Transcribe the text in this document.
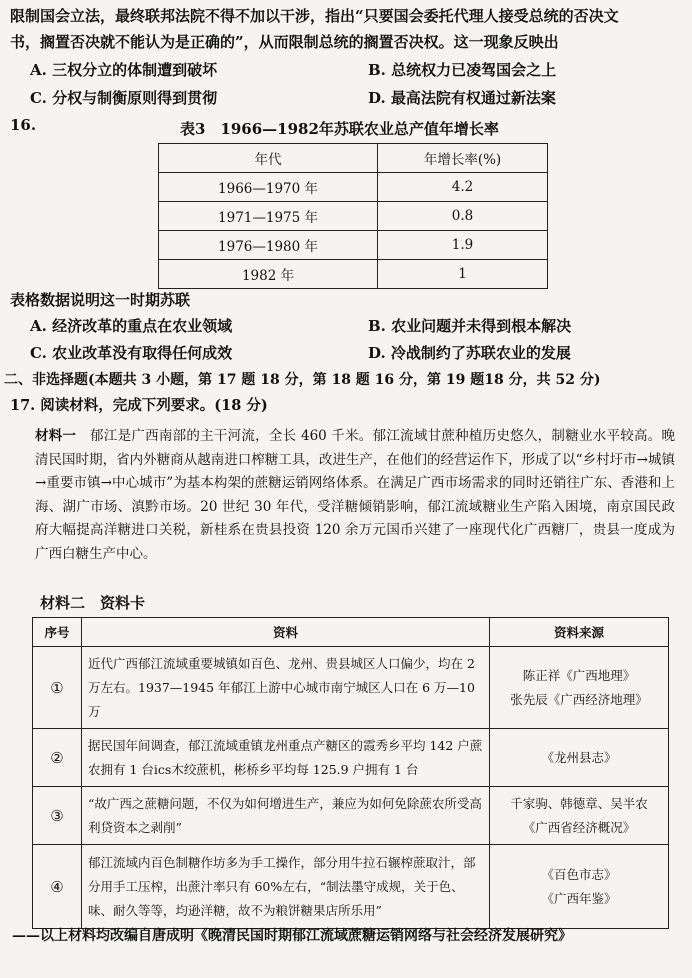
限制国会立法，最终联邦法院不得不加以干涉，指出“只要国会委托代理人接受总统的否决文
书，搁置否决就不能认为是正确的”，从而限制总统的搁置否决权。这一现象反映出
A. 三权分立的体制遭到破坏	B. 总统权力已凌驾国会之上
C. 分权与制衡原则得到贯彻	D. 最高法院有权通过新法案
16.	表3　1966—1982年苏联农业总产值年增长率
年代	年增长率(%)
1966—1970 年	4.2
1971—1975 年	0.8
1976—1980 年	1.9
1982 年	1
表格数据说明这一时期苏联
A. 经济改革的重点在农业领域	B. 农业问题并未得到根本解决
C. 农业改革没有取得任何成效	D. 冷战制约了苏联农业的发展
二、非选择题(本题共 3 小题，第 17 题 18 分，第 18 题 16 分，第 19 题18 分，共 52 分)
17. 阅读材料，完成下列要求。(18 分)
材料一　 郁江是广西南部的主干河流，全长 460 千米。郁江流域甘蔗种植历史悠久，制糖业水平较高。晚清民国时期，省内外糖商从越南进口榨糖工具，改进生产，在他们的经营运作下，形成了以“乡村圩市→城镇→重要市镇→中心城市”为基本构架的蔗糖运销网络体系。在满足广西市场需求的同时还销往广东、香港和上海、湖广市场、滇黔市场。20 世纪 30 年代，受洋糖倾销影响，郁江流域糖业生产陷入困境，南京国民政府大幅提高洋糖进口关税，新桂系在贵县投资 120 余万元国币兴建了一座现代化广西糖厂，贵县一度成为广西白糖生产中心。
材料二　资料卡
序号	资料	资料来源
①	近代广西郁江流域重要城镇如百色、龙州、贵县城区人口偏少，均在 2 万左右。1937—1945 年郁江上游中心城市南宁城区人口在 6 万—10 万	陈正祥《广西地理》
张先辰《广西经济地理》

②	据民国年间调查，郁江流域重镇龙州重点产糖区的霞秀乡平均 142 户蔗农拥有 1 台ics木绞蔗机，彬桥乡平均每 125.9 户拥有 1 台	《龙州县志》

③	“故广西之蔗糖问题，不仅为如何增进生产，兼应为如何免除蔗农所受高利贷资本之剥削”	千家驹、韩德章、吴半农
《广西省经济概况》

④	郁江流域内百色制糖作坊多为手工操作，部分用牛拉石辗榨蔗取汁，部分用手工压榨，出蔗汁率只有 60%左右，“制法墨守成规，关于色、味、耐久等等，均逊洋糖，故不为粮饼糖果店所乐用”	《百色市志》
《广西年鉴》
——以上材料均改编自唐成明《晚清民国时期郁江流域蔗糖运销网络与社会经济发展研究》
